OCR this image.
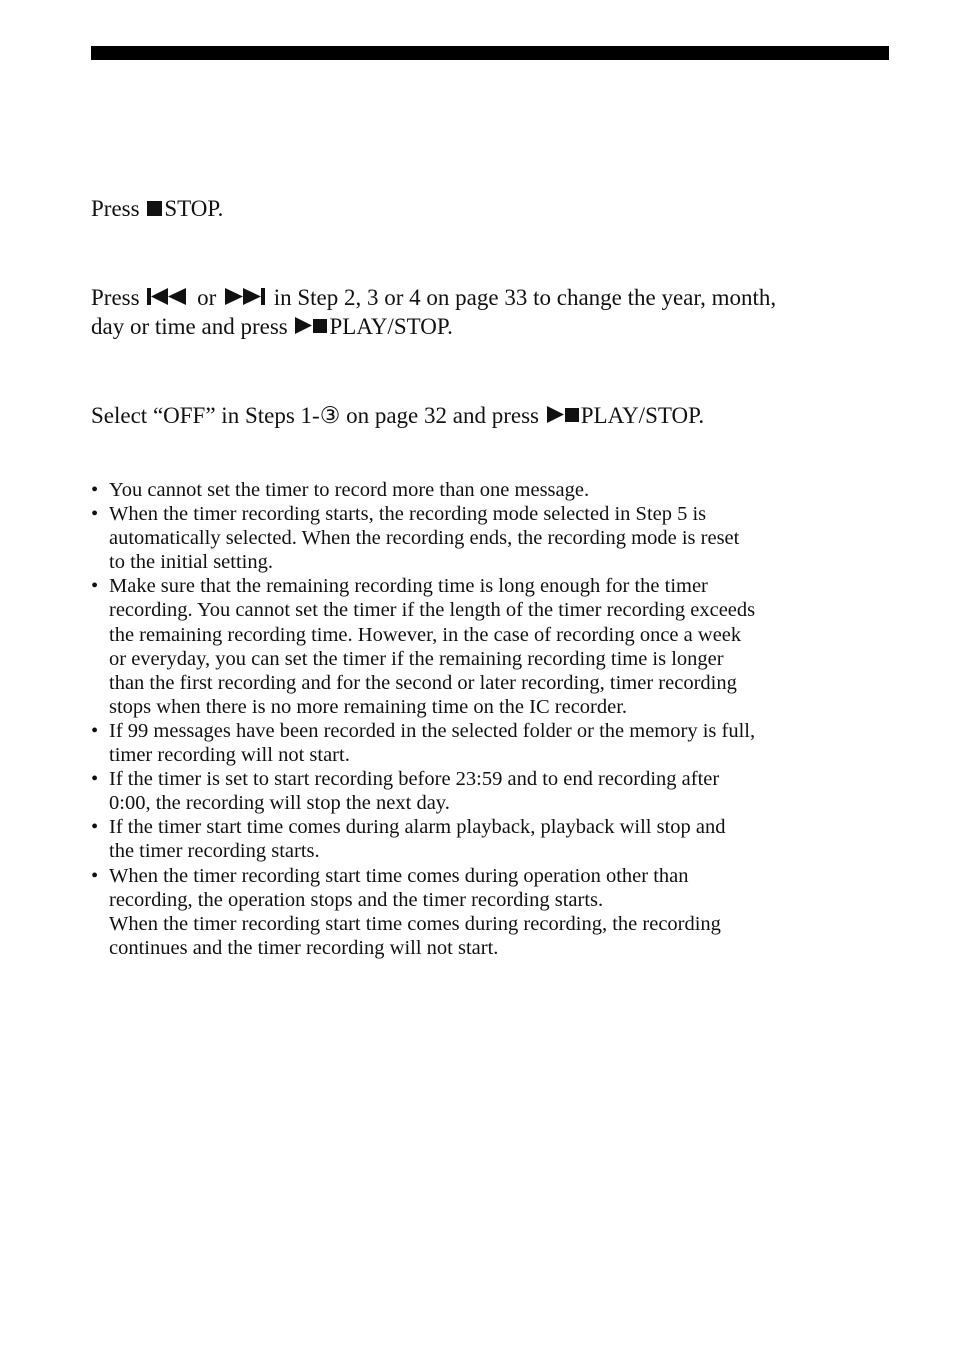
Press STOP.
Press  or  in Step 2, 3 or 4 on page 33 to change the year, month,
day or time and press PLAY/STOP.
Select “OFF” in Steps 1-③ on page 32 and press PLAY/STOP.
• You cannot set the timer to record more than one message.
• When the timer recording starts, the recording mode selected in Step 5 is
automatically selected. When the recording ends, the recording mode is reset
to the initial setting.
• Make sure that the remaining recording time is long enough for the timer
recording. You cannot set the timer if the length of the timer recording exceeds
the remaining recording time. However, in the case of recording once a week
or everyday, you can set the timer if the remaining recording time is longer
than the first recording and for the second or later recording, timer recording
stops when there is no more remaining time on the IC recorder.
• If 99 messages have been recorded in the selected folder or the memory is full,
timer recording will not start.
• If the timer is set to start recording before 23:59 and to end recording after
0:00, the recording will stop the next day.
• If the timer start time comes during alarm playback, playback will stop and
the timer recording starts.
• When the timer recording start time comes during operation other than
recording, the operation stops and the timer recording starts.
When the timer recording start time comes during recording, the recording
continues and the timer recording will not start.
